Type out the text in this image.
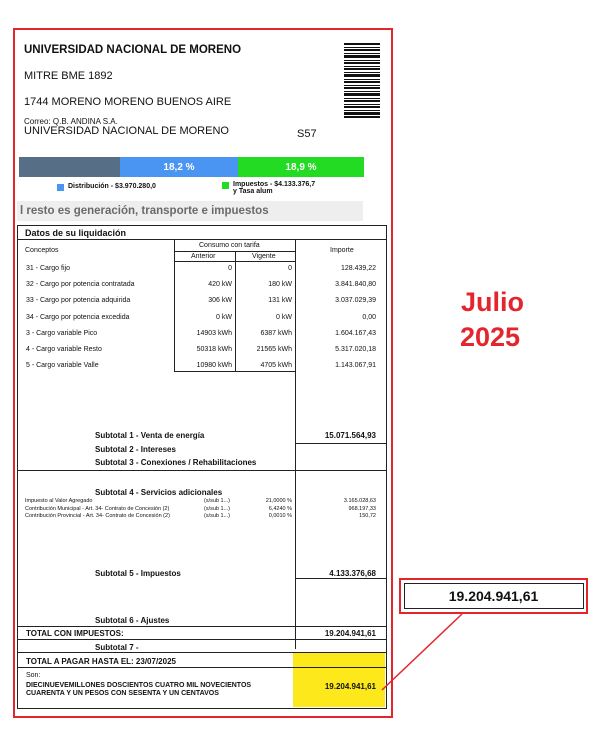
UNIVERSIDAD NACIONAL DE MORENO
MITRE BME 1892
1744 MORENO MORENO BUENOS AIRE
Correo: Q.B. ANDINA S.A.
UNIVERSIDAD NACIONAL DE MORENO	S57
18,2 %	18,9 %
Distribución - $3.970.280,0	Impuestos - $4.133.376,7
y Tasa alum
l resto es generación, transporte e impuestos
Datos de su liquidación
Conceptos
Consumo con tarifa
Anterior	Vigente
Importe
31 - Cargo fijo	0	0	128.439,22
32 - Cargo por potencia contratada	420 kW	180 kW	3.841.840,80
33 - Cargo por potencia adquirida	306 kW	131 kW	3.037.029,39
34 - Cargo por potencia excedida	0 kW	0 kW	0,00
3 - Cargo variable Pico	14903 kWh	6387 kWh	1.604.167,43
4 - Cargo variable Resto	50318 kWh	21565 kWh	5.317.020,18
5 - Cargo variable Valle	10980 kWh	4705 kWh	1.143.067,91
Subtotal 1 - Venta de energía	15.071.564,93
Subtotal 2 - Intereses
Subtotal 3 - Conexiones / Rehabilitaciones
Subtotal 4 - Servicios adicionales
Impuesto al Valor Agregado	(s/sub 1...)	21,0000 %	3.165.028,63
Contribución Municipal - Art. 34- Contrato de Concesión (2)	(s/sub 1...)	6,4240 %	968.197,33
Contribución Provincial - Art. 34- Contrato de Concesión (2)	(s/sub 1...)	0,0010 %	150,72
Subtotal 5 - Impuestos	4.133.376,68
Subtotal 6 - Ajustes
TOTAL CON IMPUESTOS:	19.204.941,61
Subtotal 7 -
TOTAL A PAGAR HASTA EL: 23/07/2025
Son:
DIECINUEVEMILLONES DOSCIENTOS CUATRO MIL NOVECIENTOS
CUARENTA Y UN PESOS CON SESENTA Y UN CENTAVOS
19.204.941,61
Julio
2025
19.204.941,61
